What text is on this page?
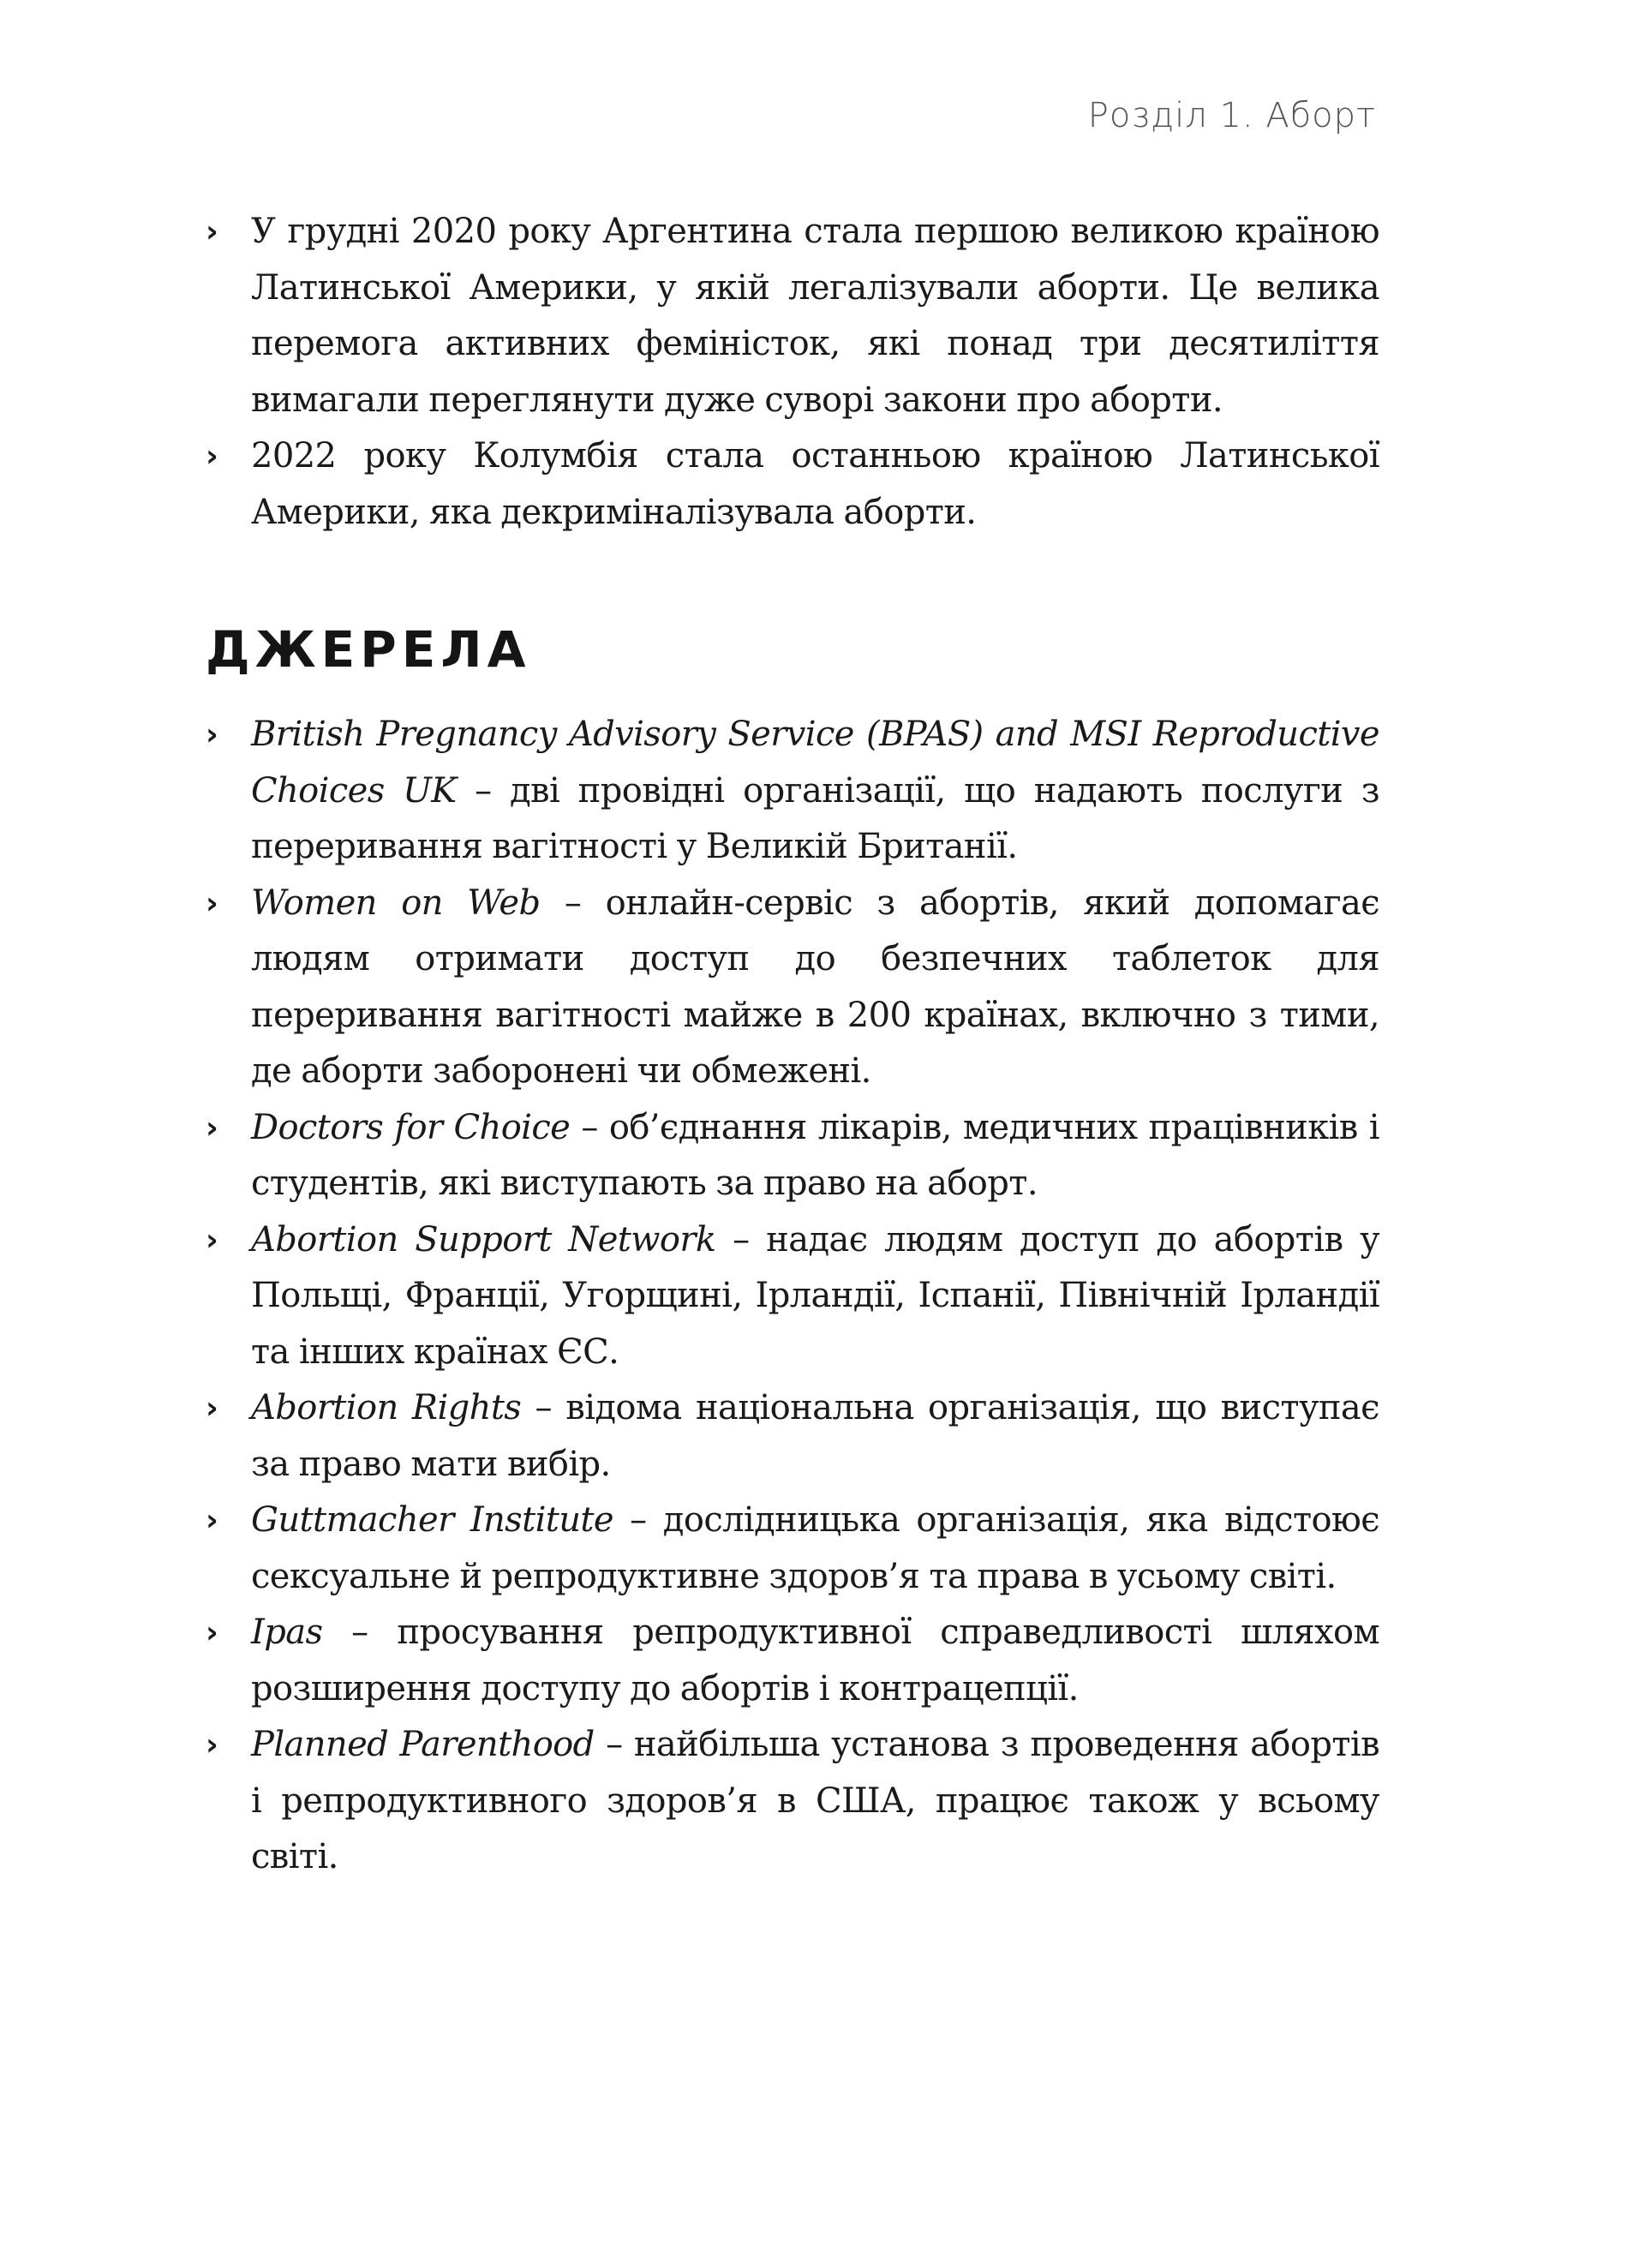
Розділ 1. Аборт
› У грудні 2020 року Аргентина стала першою великою країною Латинської Америки, у якій легалізували аборти. Це велика перемога активних феміністок, які понад три десятиліття вимагали переглянути дуже суворі закони про аборти.
› 2022 року Колумбія стала останньою країною Латинської Америки, яка декриміналізувала аборти.
ДЖЕРЕЛА
› British Pregnancy Advisory Service (BPAS) and MSI Reproductive Choices UK – дві провідні організації, що надають послуги з переривання вагітності у Великій Британії.
› Women on Web – онлайн-сервіс з абортів, який допомагає людям отримати доступ до безпечних таблеток для переривання вагітності майже в 200 країнах, включно з тими, де аборти заборонені чи обмежені.
› Doctors for Choice – об’єднання лікарів, медичних працівників і студентів, які виступають за право на аборт.
› Abortion Support Network – надає людям доступ до абортів у Польщі, Франції, Угорщині, Ірландії, Іспанії, Північній Ірландії та інших країнах ЄС.
› Abortion Rights – відома національна організація, що виступає за право мати вибір.
› Guttmacher Institute – дослідницька організація, яка відстоює сексуальне й репродуктивне здоров’я та права в усьому світі.
› Ipas – просування репродуктивної справедливості шляхом розширення доступу до абортів і контрацепції.
› Planned Parenthood – найбільша установа з проведення абортів і репродуктивного здоров’я в США, працює також у всьому світі.
